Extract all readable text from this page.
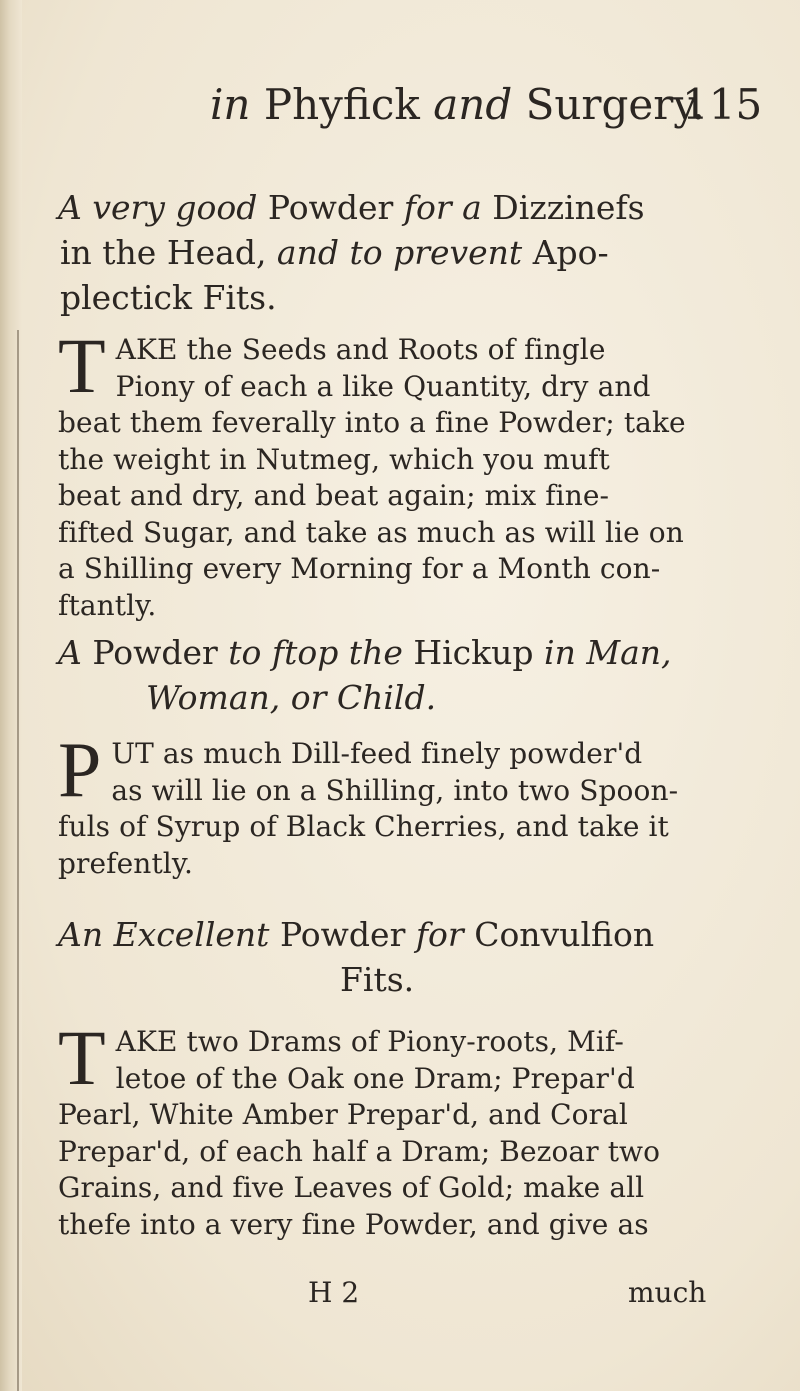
in Phyfick and Surgery.
115
A very good Powder for a Dizzinefs
in the Head, and to prevent Apo-
plectick Fits.
T AKE the Seeds and Roots of fingle
Piony of each a like Quantity, dry and
beat them feverally into a fine Powder; take
the weight in Nutmeg, which you muft
beat and dry, and beat again; mix fine-
fifted Sugar, and take as much as will lie on
a Shilling every Morning for a Month con-
ftantly.
A Powder to ftop the Hickup in Man,
Woman, or Child.
P UT as much Dill-feed finely powder'd
as will lie on a Shilling, into two Spoon-
fuls of Syrup of Black Cherries, and take it
prefently.
An Excellent Powder for Convulfion
Fits.
T AKE two Drams of Piony-roots, Mif-
letoe of the Oak one Dram; Prepar'd
Pearl, White Amber Prepar'd, and Coral
Prepar'd, of each half a Dram; Bezoar two
Grains, and five Leaves of Gold; make all
thefe into a very fine Powder, and give as
H 2	much
